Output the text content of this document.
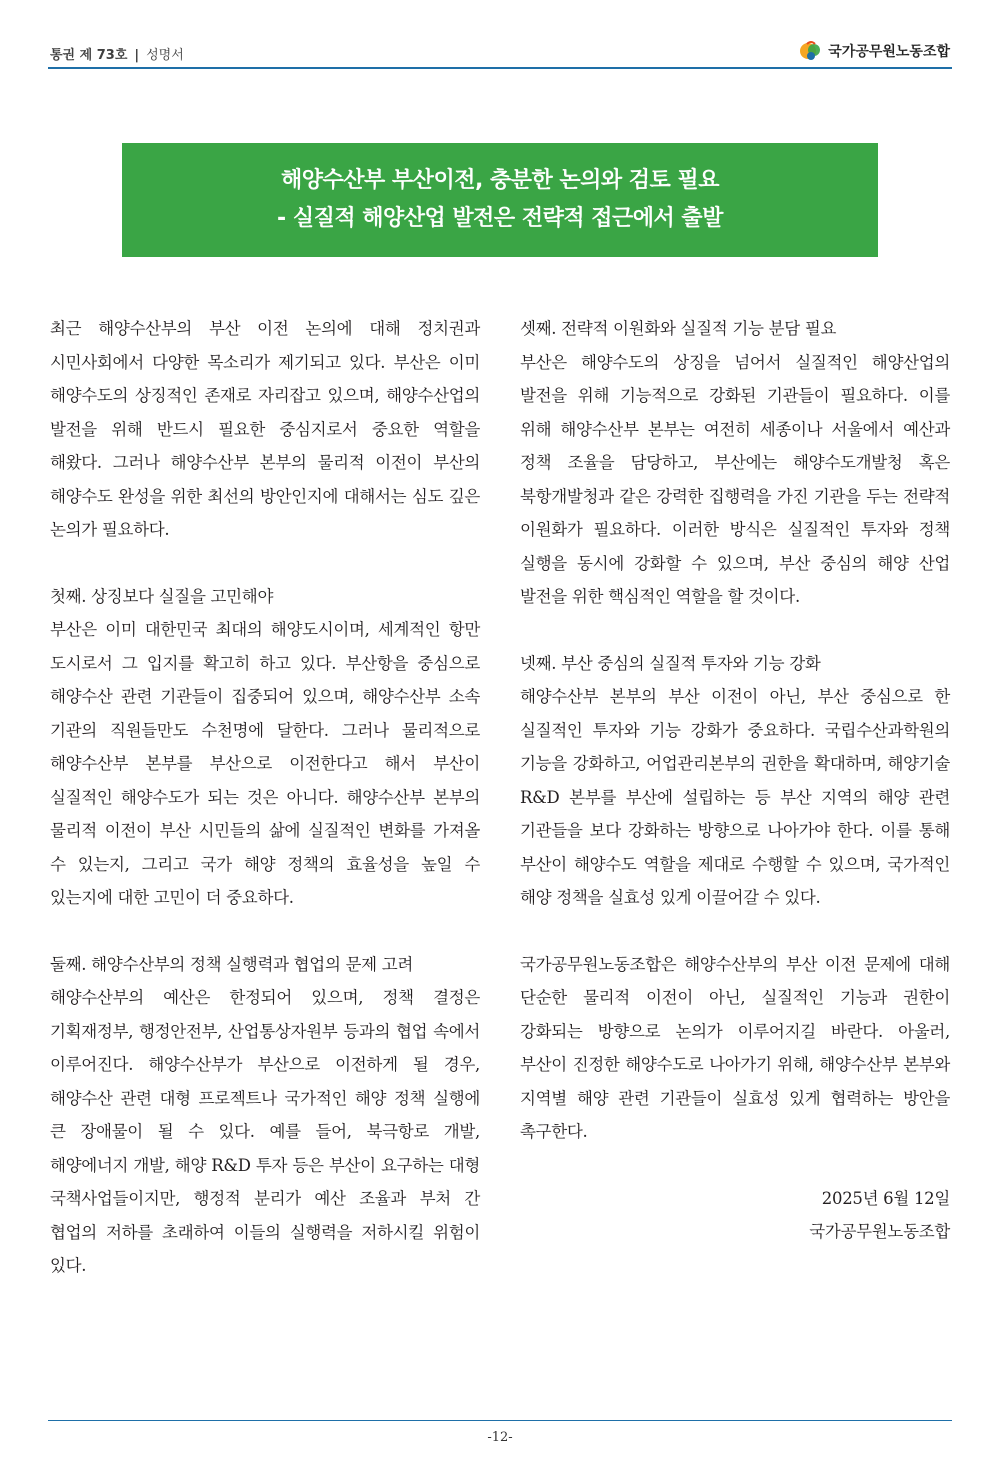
통권 제 73호 | 성명서	국가공무원노동조합
해양수산부 부산이전, 충분한 논의와 검토 필요
- 실질적 해양산업 발전은 전략적 접근에서 출발

최근 해양수산부의 부산 이전 논의에 대해 정치권과 시민사회에서 다양한 목소리가 제기되고 있다. 부산은 이미 해양수도의 상징적인 존재로 자리잡고 있으며, 해양수산업의 발전을 위해 반드시 필요한 중심지로서 중요한 역할을 해왔다. 그러나 해양수산부 본부의 물리적 이전이 부산의 해양수도 완성을 위한 최선의 방안인지에 대해서는 심도 깊은 논의가 필요하다.

첫째. 상징보다 실질을 고민해야

부산은 이미 대한민국 최대의 해양도시이며, 세계적인 항만 도시로서 그 입지를 확고히 하고 있다. 부산항을 중심으로 해양수산 관련 기관들이 집중되어 있으며, 해양수산부 소속 기관의 직원들만도 수천명에 달한다. 그러나 물리적으로 해양수산부 본부를 부산으로 이전한다고 해서 부산이 실질적인 해양수도가 되는 것은 아니다. 해양수산부 본부의 물리적 이전이 부산 시민들의 삶에 실질적인 변화를 가져올 수 있는지, 그리고 국가 해양 정책의 효율성을 높일 수 있는지에 대한 고민이 더 중요하다.

둘째. 해양수산부의 정책 실행력과 협업의 문제 고려

해양수산부의 예산은 한정되어 있으며, 정책 결정은 기획재정부, 행정안전부, 산업통상자원부 등과의 협업 속에서 이루어진다. 해양수산부가 부산으로 이전하게 될 경우, 해양수산 관련 대형 프로젝트나 국가적인 해양 정책 실행에 큰 장애물이 될 수 있다. 예를 들어, 북극항로 개발, 해양에너지 개발, 해양 R&D 투자 등은 부산이 요구하는 대형 국책사업들이지만, 행정적 분리가 예산 조율과 부처 간 협업의 저하를 초래하여 이들의 실행력을 저하시킬 위험이 있다.

셋째. 전략적 이원화와 실질적 기능 분담 필요

부산은 해양수도의 상징을 넘어서 실질적인 해양산업의 발전을 위해 기능적으로 강화된 기관들이 필요하다. 이를 위해 해양수산부 본부는 여전히 세종이나 서울에서 예산과 정책 조율을 담당하고, 부산에는 해양수도개발청 혹은 북항개발청과 같은 강력한 집행력을 가진 기관을 두는 전략적 이원화가 필요하다. 이러한 방식은 실질적인 투자와 정책 실행을 동시에 강화할 수 있으며, 부산 중심의 해양 산업 발전을 위한 핵심적인 역할을 할 것이다.

넷째. 부산 중심의 실질적 투자와 기능 강화

해양수산부 본부의 부산 이전이 아닌, 부산 중심으로 한 실질적인 투자와 기능 강화가 중요하다. 국립수산과학원의 기능을 강화하고, 어업관리본부의 권한을 확대하며, 해양기술 R&D 본부를 부산에 설립하는 등 부산 지역의 해양 관련 기관들을 보다 강화하는 방향으로 나아가야 한다. 이를 통해 부산이 해양수도 역할을 제대로 수행할 수 있으며, 국가적인 해양 정책을 실효성 있게 이끌어갈 수 있다.

국가공무원노동조합은 해양수산부의 부산 이전 문제에 대해 단순한 물리적 이전이 아닌, 실질적인 기능과 권한이 강화되는 방향으로 논의가 이루어지길 바란다. 아울러, 부산이 진정한 해양수도로 나아가기 위해, 해양수산부 본부와 지역별 해양 관련 기관들이 실효성 있게 협력하는 방안을 촉구한다.

2025년 6월 12일

국가공무원노동조합

-12-
